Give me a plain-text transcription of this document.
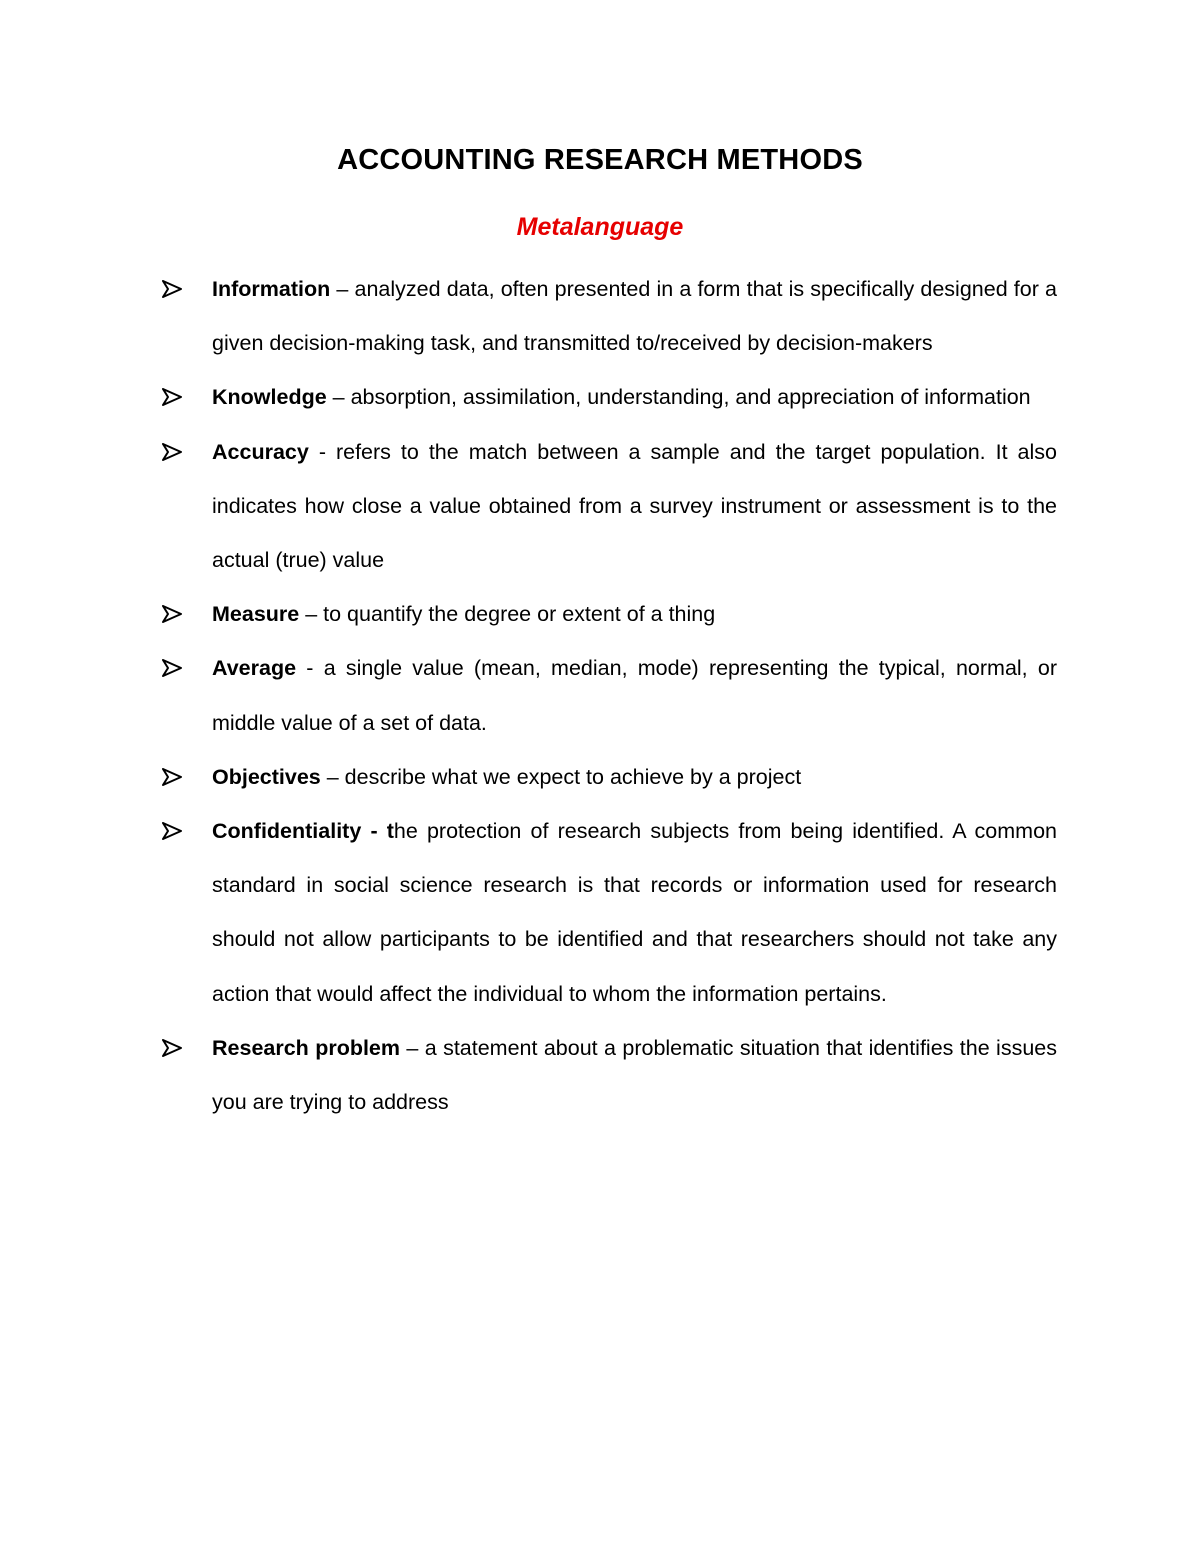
ACCOUNTING RESEARCH METHODS
Metalanguage
Information – analyzed data, often presented in a form that is specifically designed for a given decision-making task, and transmitted to/received by decision-makers
Knowledge – absorption, assimilation, understanding, and appreciation of information
Accuracy - refers to the match between a sample and the target population. It also indicates how close a value obtained from a survey instrument or assessment is to the actual (true) value
Measure – to quantify the degree or extent of a thing
Average - a single value (mean, median, mode) representing the typical, normal, or middle value of a set of data.
Objectives – describe what we expect to achieve by a project
Confidentiality - the protection of research subjects from being identified. A common standard in social science research is that records or information used for research should not allow participants to be identified and that researchers should not take any action that would affect the individual to whom the information pertains.
Research problem – a statement about a problematic situation that identifies the issues you are trying to address
